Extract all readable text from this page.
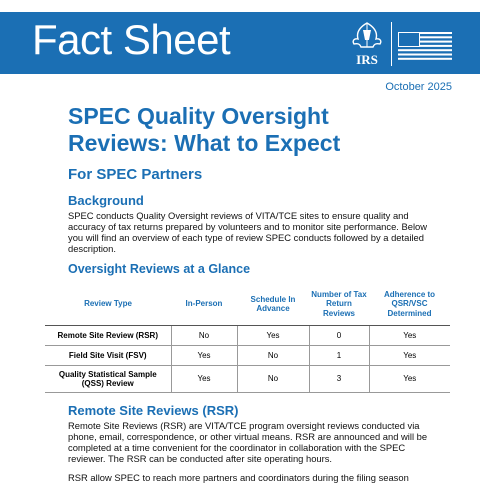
Fact Sheet	IRS
October 2025
SPEC Quality Oversight Reviews: What to Expect
For SPEC Partners
Background
SPEC conducts Quality Oversight reviews of VITA/TCE sites to ensure quality and accuracy of tax returns prepared by volunteers and to monitor site performance. Below you will find an overview of each type of review SPEC conducts followed by a detailed description.
Oversight Reviews at a Glance
Review Type	In-Person	Schedule In Advance	Number of Tax Return Reviews	Adherence to QSR/VSC Determined
Remote Site Review (RSR)	No	Yes	0	Yes
Field Site Visit (FSV)	Yes	No	1	Yes
Quality Statistical Sample (QSS) Review	Yes	No	3	Yes
Remote Site Reviews (RSR)
Remote Site Reviews (RSR) are VITA/TCE program oversight reviews conducted via phone, email, correspondence, or other virtual means. RSR are announced and will be completed at a time convenient for the coordinator in collaboration with the SPEC reviewer. The RSR can be conducted after site operating hours.
RSR allow SPEC to reach more partners and coordinators during the filing season
